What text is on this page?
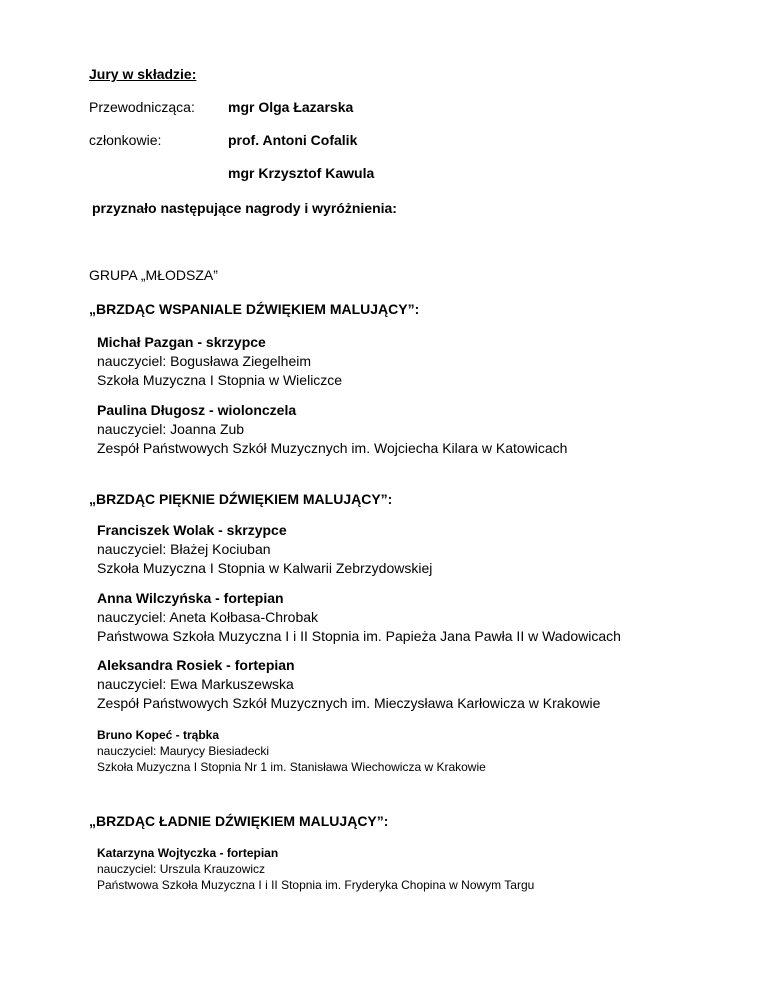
Jury w składzie:
Przewodnicząca: mgr Olga Łazarska
członkowie:	prof. Antoni Cofalik
mgr Krzysztof Kawula
przyznało następujące nagrody i wyróżnienia:
GRUPA „MŁODSZA”
„BRZDĄC WSPANIALE DŹWIĘKIEM MALUJĄCY”:
Michał Pazgan - skrzypce
nauczyciel: Bogusława Ziegelheim
Szkoła Muzyczna I Stopnia w Wieliczce
Paulina Długosz - wiolonczela
nauczyciel: Joanna Zub
Zespół Państwowych Szkół Muzycznych im. Wojciecha Kilara w Katowicach
„BRZDĄC PIĘKNIE DŹWIĘKIEM MALUJĄCY”:
Franciszek Wolak - skrzypce
nauczyciel: Błażej Kociuban
Szkoła Muzyczna I Stopnia w Kalwarii Zebrzydowskiej
Anna Wilczyńska - fortepian
nauczyciel: Aneta Kołbasa-Chrobak
Państwowa Szkoła Muzyczna I i II Stopnia im. Papieża Jana Pawła II w Wadowicach
Aleksandra Rosiek - fortepian
nauczyciel: Ewa Markuszewska
Zespół Państwowych Szkół Muzycznych im. Mieczysława Karłowicza w Krakowie
Bruno Kopeć - trąbka
nauczyciel: Maurycy Biesiadecki
Szkoła Muzyczna I Stopnia Nr 1 im. Stanisława Wiechowicza w Krakowie
„BRZDĄC ŁADNIE DŹWIĘKIEM MALUJĄCY”:
Katarzyna Wojtyczka - fortepian
nauczyciel: Urszula Krauzowicz
Państwowa Szkoła Muzyczna I i II Stopnia im. Fryderyka Chopina w Nowym Targu
